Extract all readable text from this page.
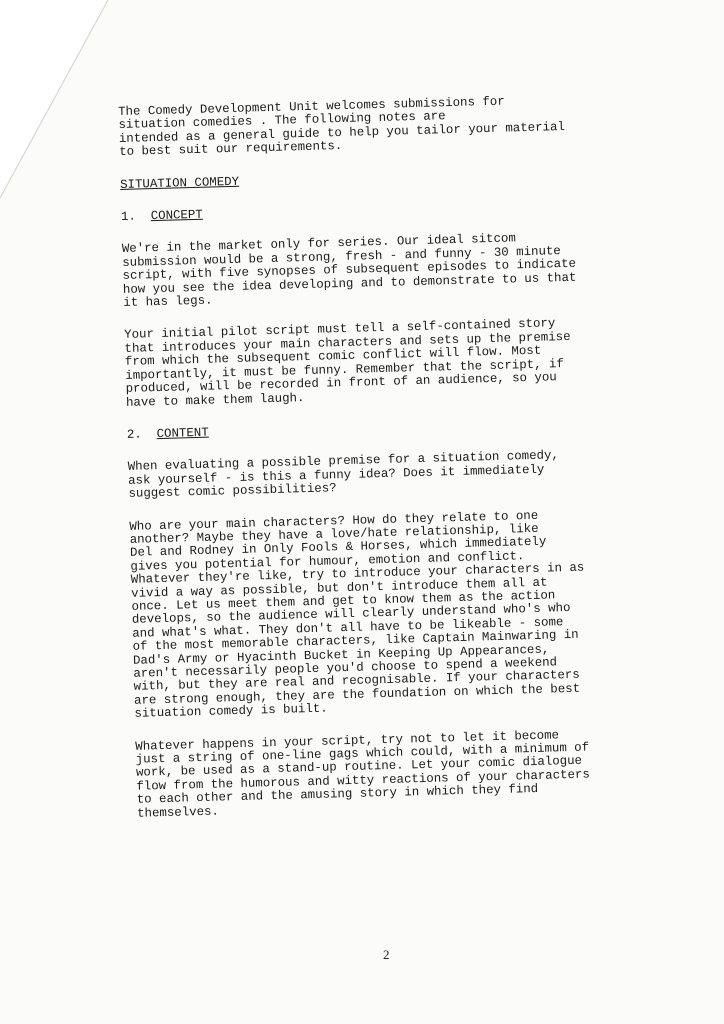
The Comedy Development Unit welcomes submissions for
situation comedies . The following notes are
intended as a general guide to help you tailor your material
to best suit our requirements.

SITUATION COMEDY

1. CONCEPT

We're in the market only for series. Our ideal sitcom
submission would be a strong, fresh - and funny - 30 minute
script, with five synopses of subsequent episodes to indicate
how you see the idea developing and to demonstrate to us that
it has legs.

Your initial pilot script must tell a self-contained story
that introduces your main characters and sets up the premise
from which the subsequent comic conflict will flow. Most
importantly, it must be funny. Remember that the script, if
produced, will be recorded in front of an audience, so you
have to make them laugh.

2. CONTENT

When evaluating a possible premise for a situation comedy,
ask yourself - is this a funny idea? Does it immediately
suggest comic possibilities?

Who are your main characters? How do they relate to one
another? Maybe they have a love/hate relationship, like
Del and Rodney in Only Fools & Horses, which immediately
gives you potential for humour, emotion and conflict.
Whatever they're like, try to introduce your characters in as
vivid a way as possible, but don't introduce them all at
once. Let us meet them and get to know them as the action
develops, so the audience will clearly understand who's who
and what's what. They don't all have to be likeable - some
of the most memorable characters, like Captain Mainwaring in
Dad's Army or Hyacinth Bucket in Keeping Up Appearances,
aren't necessarily people you'd choose to spend a weekend
with, but they are real and recognisable. If your characters
are strong enough, they are the foundation on which the best
situation comedy is built.

Whatever happens in your script, try not to let it become
just a string of one-line gags which could, with a minimum of
work, be used as a stand-up routine. Let your comic dialogue
flow from the humorous and witty reactions of your characters
to each other and the amusing story in which they find
themselves.

2
